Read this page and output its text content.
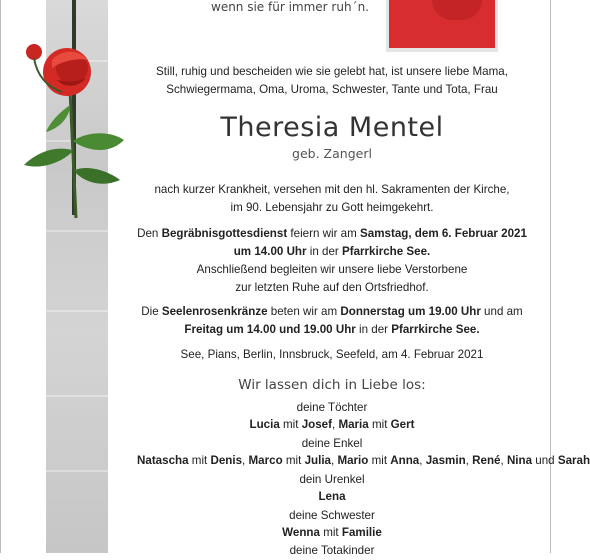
wenn sie für immer ruh´n.
Still, ruhig und bescheiden wie sie gelebt hat, ist unsere liebe Mama,
Schwiegermama, Oma, Uroma, Schwester, Tante und Tota, Frau
Theresia Mentel
geb. Zangerl
nach kurzer Krankheit, versehen mit den hl. Sakramenten der Kirche,
im 90. Lebensjahr zu Gott heimgekehrt.
Den Begräbnisgottesdienst feiern wir am Samstag, dem 6. Februar 2021
um 14.00 Uhr in der Pfarrkirche See.
Anschließend begleiten wir unsere liebe Verstorbene
zur letzten Ruhe auf den Ortsfriedhof.
Die Seelenrosenkränze beten wir am Donnerstag um 19.00 Uhr und am
Freitag um 14.00 und 19.00 Uhr in der Pfarrkirche See.
See, Pians, Berlin, Innsbruck, Seefeld, am 4. Februar 2021
Wir lassen dich in Liebe los:
deine Töchter
Lucia mit Josef, Maria mit Gert
deine Enkel
Natascha mit Denis, Marco mit Julia, Mario mit Anna, Jasmin, René, Nina und Sarah
dein Urenkel
Lena
deine Schwester
Wenna mit Familie
deine Totakinder
